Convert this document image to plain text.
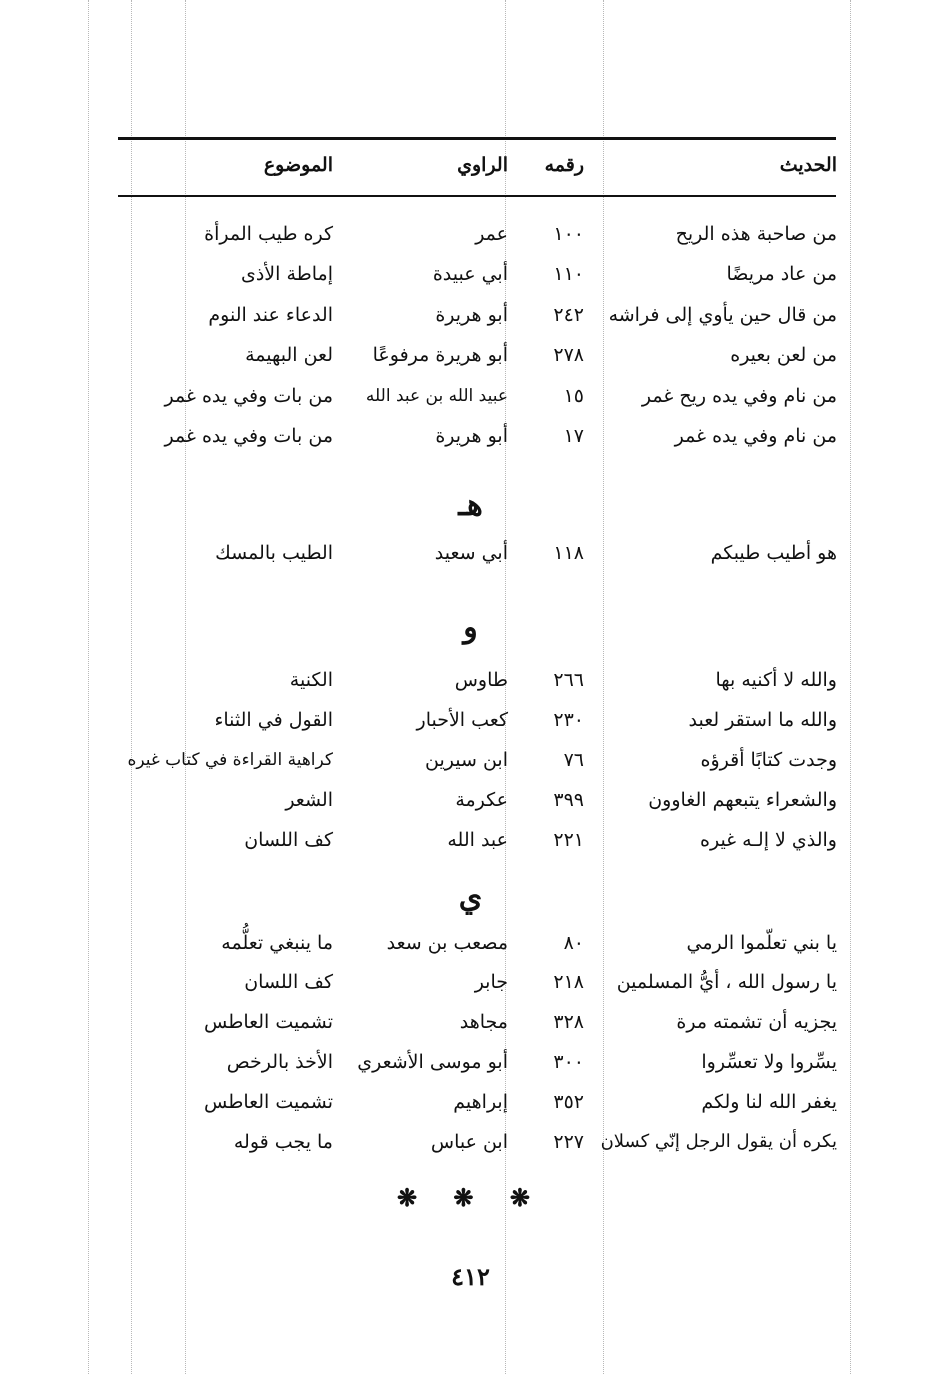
الحديث
رقمه
الراوي
الموضوع
من صاحبة هذه الريح
١٠٠
عمر
كره طيب المرأة
من عاد مريضًا
١١٠
أبي عبيدة
إماطة الأذى
من قال حين يأوي إلى فراشه
٢٤٢
أبو هريرة
الدعاء عند النوم
من لعن بعيره
٢٧٨
أبو هريرة مرفوعًا
لعن البهيمة
من نام وفي يده ريح غمر
١٥
عبيد الله بن عبد الله
من بات وفي يده غمر
من نام وفي يده غمر
١٧
أبو هريرة
من بات وفي يده غمر
هـ
هو أطيب طيبكم
١١٨
أبي سعيد
الطيب بالمسك
و
والله لا أكنيه بها
٢٦٦
طاوس
الكنية
والله ما استقر لعبد
٢٣٠
كعب الأحبار
القول في الثناء
وجدت كتابًا أقرؤه
٧٦
ابن سيرين
كراهية القراءة في كتاب غيره
والشعراء يتبعهم الغاوون
٣٩٩
عكرمة
الشعر
والذي لا إلـه غيره
٢٢١
عبد الله
كف اللسان
ي
يا بني تعلّموا الرمي
٨٠
مصعب بن سعد
ما ينبغي تعلُّمه
يا رسول الله ، أيُّ المسلمين
٢١٨
جابر
كف اللسان
يجزيه أن تشمته مرة
٣٢٨
مجاهد
تشميت العاطس
يسِّروا ولا تعسِّروا
٣٠٠
أبو موسى الأشعري
الأخذ بالرخص
يغفر الله لنا ولكم
٣٥٢
إبراهيم
تشميت العاطس
يكره أن يقول الرجل إنّي كسلان
٢٢٧
ابن عباس
ما يجب قوله
❋ ❋ ❋
٤١٢
